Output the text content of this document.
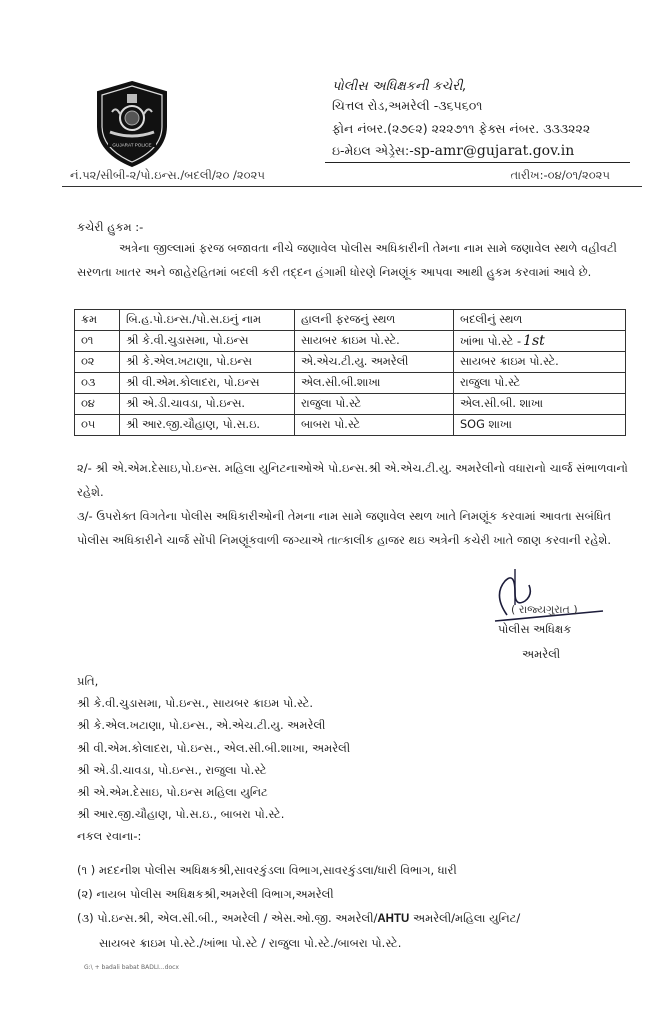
GUJARAT POLICE
પોલીસ અધિક્ષકની કચેરી,
ચિત્તલ રોડ,અમરેલી -૩૬૫૬૦૧
ફોન નંબર.(૨૭૯૨) ૨૨૨૭૧૧ ફેક્સ નંબર. ૩૩૩૨૨૨
ઇ-મેઇલ એડ્રેસ:-sp-amr@gujarat.gov.in
નં.પ૨/સીબી-૨/પો.ઇન્સ./બદલી/૨૦ /૨૦૨૫	તારીખ:-૦૪/૦૧/૨૦૨૫
કચેરી હુકમ :-
અત્રેના જીલ્લામાં ફરજ બજાવતા નીચે જણાવેલ પોલીસ અધિકારીની તેમના નામ સામે જણાવેલ સ્થળે વહીવટી સરળતા ખાતર અને જાહેરહિતમાં બદલી કરી તદ્દન હંગામી ધોરણે નિમણૂંક આપવા આથી હુકમ કરવામાં આવે છે.
ક્રમ	બિ.હ.પો.ઇન્સ./પો.સ.ઇનું નામ	હાલની ફરજનું સ્થળ	બદલીનું સ્થળ
૦૧	શ્રી કે.વી.ચુડાસમા, પો.ઇન્સ	સાયબર ક્રાઇમ પો.સ્ટે.	ખાંભા પો.સ્ટે - 1st
૦૨	શ્રી કે.એલ.ખટાણા, પો.ઇન્સ	એ.એચ.ટી.યુ. અમરેલી	સાયબર ક્રાઇમ પો.સ્ટે.
૦૩	શ્રી વી.એમ.કોલાદરા, પો.ઇન્સ	એલ.સી.બી.શાખા	રાજુલા પો.સ્ટે
૦૪	શ્રી એ.ડી.ચાવડા, પો.ઇન્સ.	રાજુલા પો.સ્ટે	એલ.સી.બી. શાખા
૦૫	શ્રી આર.જી.ચૌહાણ, પો.સ.ઇ.	બાબરા પો.સ્ટે	SOG શાખા
૨/- શ્રી એ.એમ.દેસાઇ,પો.ઇન્સ. મહિલા યુનિટનાઓએ પો.ઇન્સ.શ્રી એ.એચ.ટી.યુ. અમરેલીનો વધારાનો ચાર્જ સંભાળવાનો રહેશે.
૩/- ઉપરોક્ત વિગતેના પોલીસ અધિકારીઓની તેમના નામ સામે જણાવેલ સ્થળ ખાતે નિમણૂંક કરવામાં આવતા સબંધિત પોલીસ અધિકારીને ચાર્જ સોંપી નિમણૂંકવાળી જગ્યાએ તાત્કાલીક હાજર થઇ અત્રેની કચેરી ખાતે જાણ કરવાની રહેશે.
( રાજ્યગુરાત )
પોલીસ અધિક્ષક
અમરેલી
પ્રતિ,
શ્રી કે.વી.ચુડાસમા, પો.ઇન્સ., સાયબર ક્રાઇમ પો.સ્ટે.
શ્રી કે.એલ.ખટાણા, પો.ઇન્સ., એ.એચ.ટી.યુ. અમરેલી
શ્રી વી.એમ.કોલાદરા, પો.ઇન્સ., એલ.સી.બી.શાખા, અમરેલી
શ્રી એ.ડી.ચાવડા, પો.ઇન્સ., રાજુલા પો.સ્ટે
શ્રી એ.એમ.દેસાઇ, પો.ઇન્સ મહિલા યુનિટ
શ્રી આર.જી.ચૌહાણ, પો.સ.ઇ., બાબરા પો.સ્ટે.
નકલ રવાના-:
(૧ ) મદદનીશ પોલીસ અધિક્ષકશ્રી,સાવરકુંડલા વિભાગ,સાવરકુંડલા/ધારી વિભાગ, ધારી
(૨) નાયબ પોલીસ અધિક્ષકશ્રી,અમરેલી વિભાગ,અમરેલી
(૩) પો.ઇન્સ.શ્રી, એલ.સી.બી., અમરેલી / એસ.ઓ.જી. અમરેલી/AHTU અમરેલી/મહિલા યુનિટ/
સાયબર ક્રાઇમ પો.સ્ટે./ખાંભા પો.સ્ટે / રાજુલા પો.સ્ટે./બાબરા પો.સ્ટે.
G:\ + badali babat BADLI...docx
